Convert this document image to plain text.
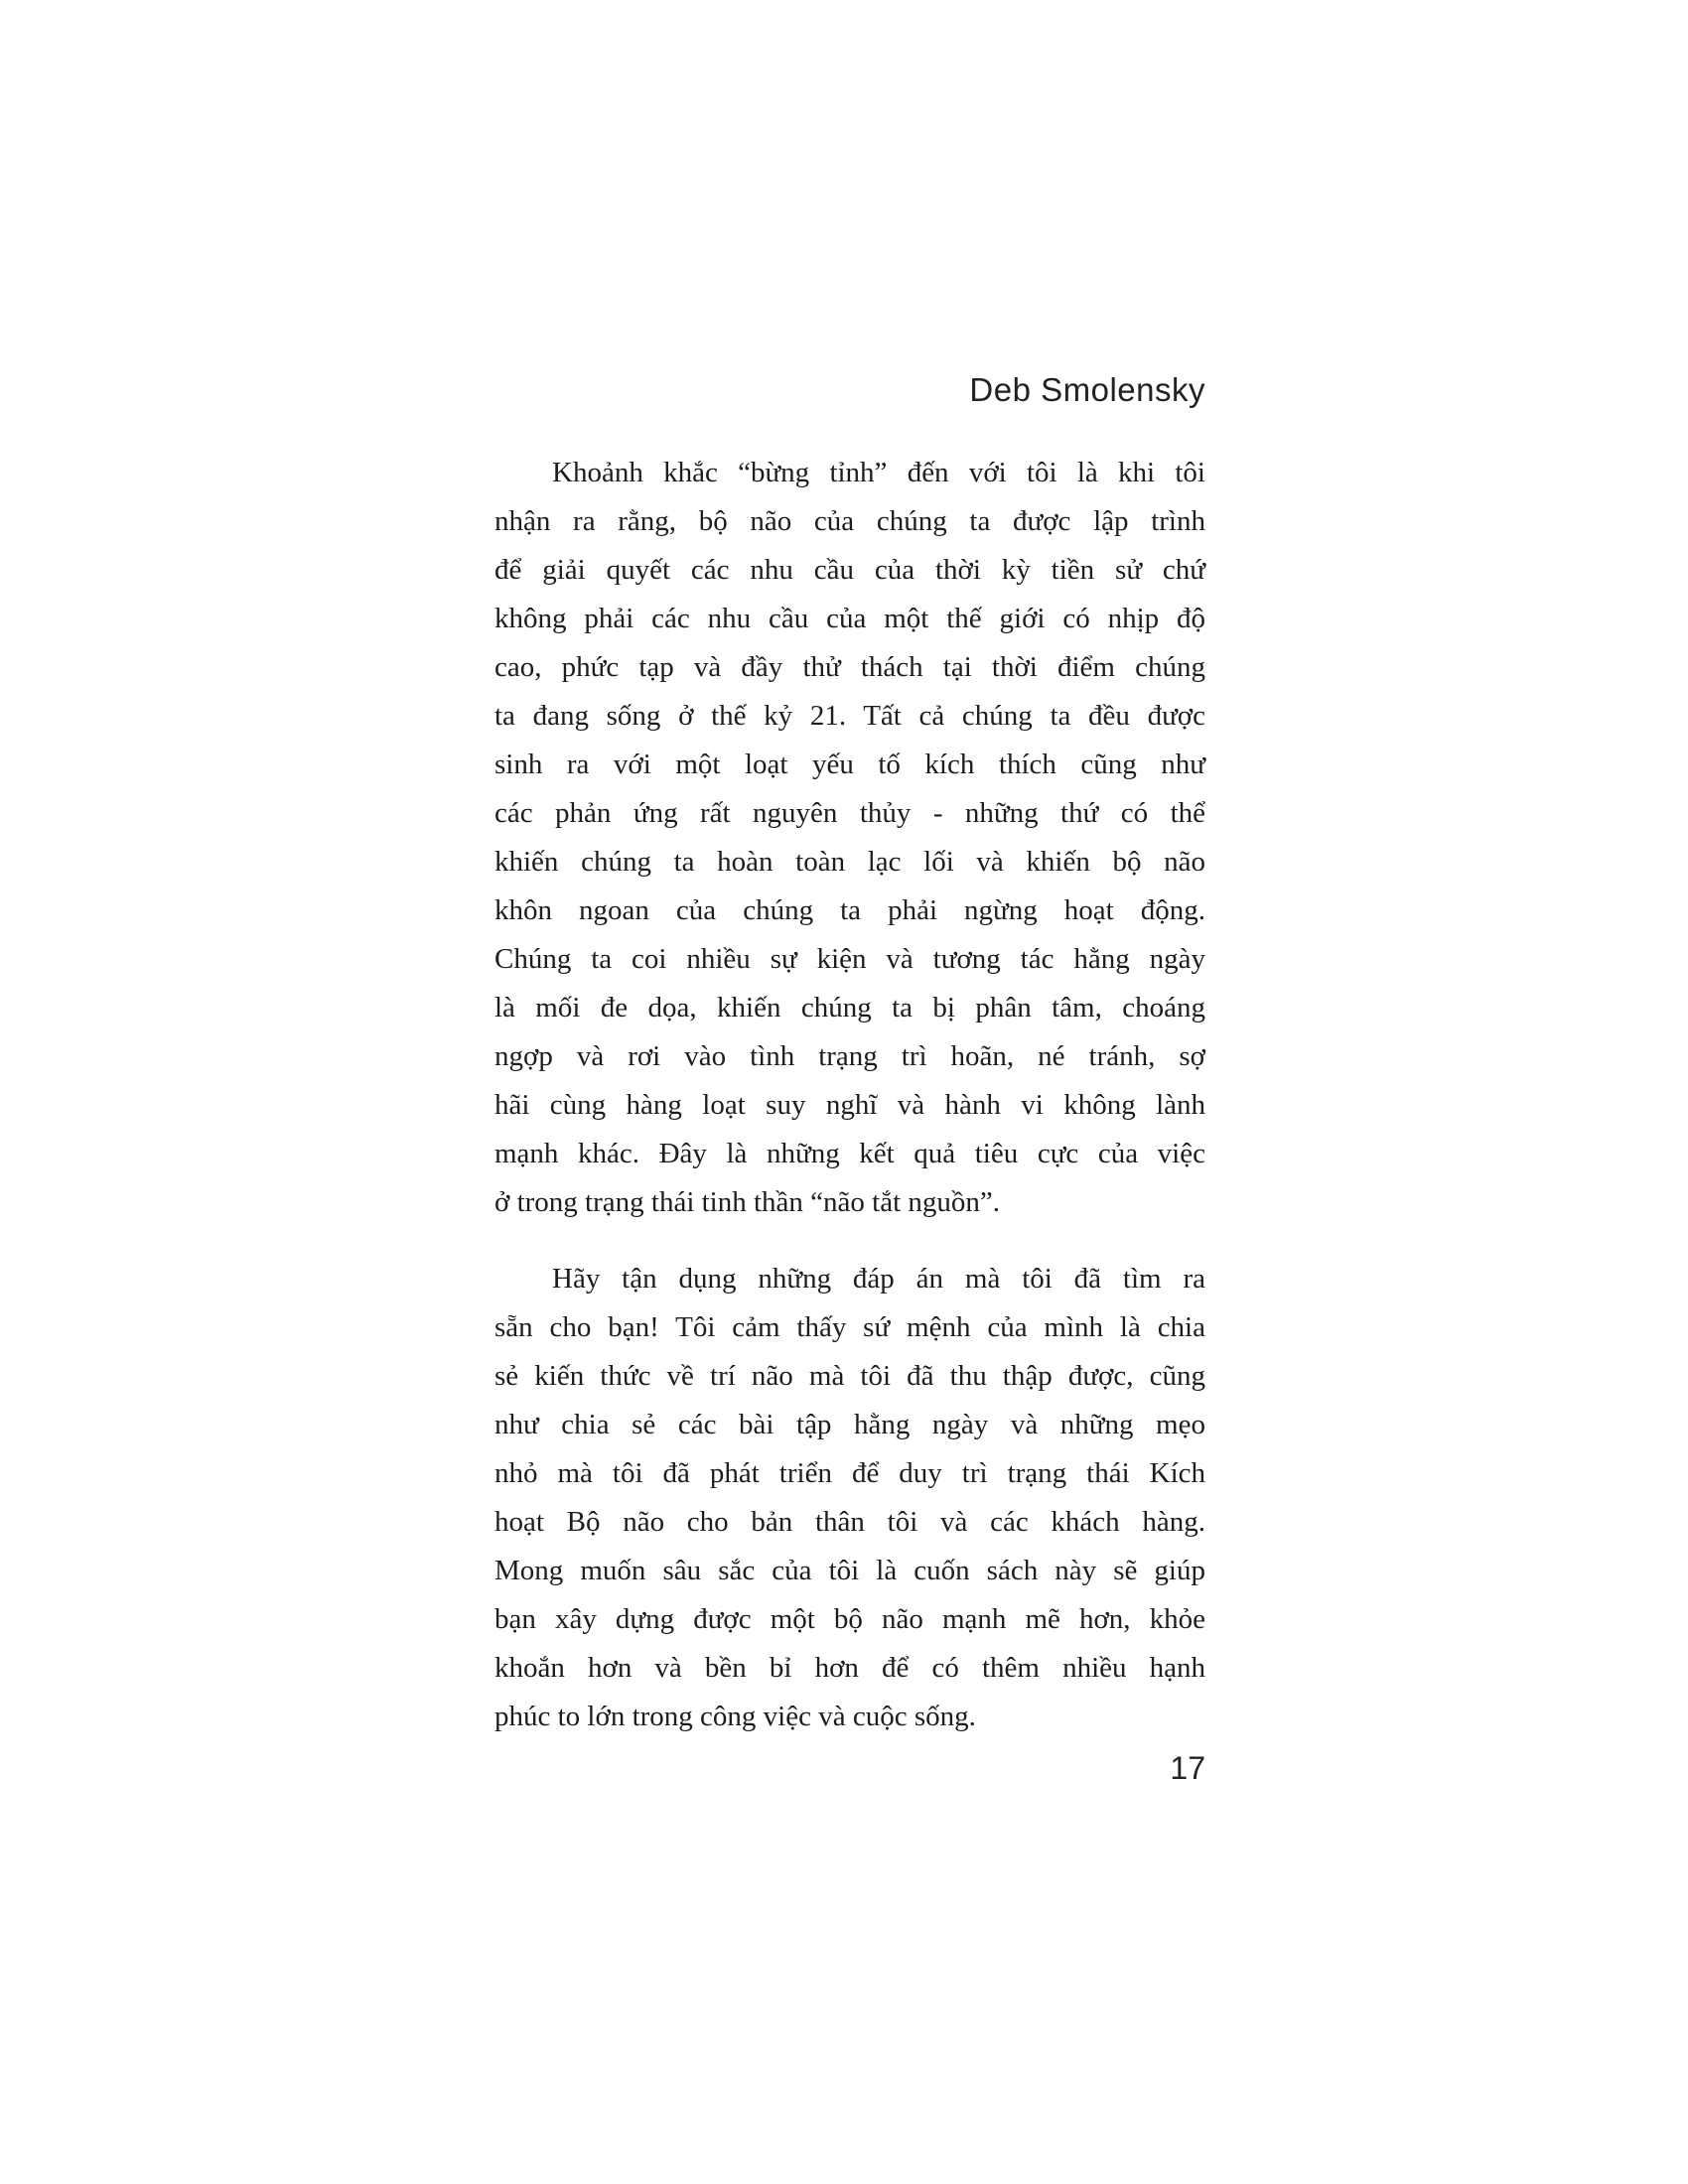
Deb Smolensky
Khoảnh khắc “bừng tỉnh” đến với tôi là khi tôi
nhận ra rằng, bộ não của chúng ta được lập trình
để giải quyết các nhu cầu của thời kỳ tiền sử chứ
không phải các nhu cầu của một thế giới có nhịp độ
cao, phức tạp và đầy thử thách tại thời điểm chúng
ta đang sống ở thế kỷ 21. Tất cả chúng ta đều được
sinh ra với một loạt yếu tố kích thích cũng như
các phản ứng rất nguyên thủy - những thứ có thể
khiến chúng ta hoàn toàn lạc lối và khiến bộ não
khôn ngoan của chúng ta phải ngừng hoạt động.
Chúng ta coi nhiều sự kiện và tương tác hằng ngày
là mối đe dọa, khiến chúng ta bị phân tâm, choáng
ngợp và rơi vào tình trạng trì hoãn, né tránh, sợ
hãi cùng hàng loạt suy nghĩ và hành vi không lành
mạnh khác. Đây là những kết quả tiêu cực của việc
ở trong trạng thái tinh thần “não tắt nguồn”.
Hãy tận dụng những đáp án mà tôi đã tìm ra
sẵn cho bạn! Tôi cảm thấy sứ mệnh của mình là chia
sẻ kiến thức về trí não mà tôi đã thu thập được, cũng
như chia sẻ các bài tập hằng ngày và những mẹo
nhỏ mà tôi đã phát triển để duy trì trạng thái Kích
hoạt Bộ não cho bản thân tôi và các khách hàng.
Mong muốn sâu sắc của tôi là cuốn sách này sẽ giúp
bạn xây dựng được một bộ não mạnh mẽ hơn, khỏe
khoắn hơn và bền bỉ hơn để có thêm nhiều hạnh
phúc to lớn trong công việc và cuộc sống.
17
